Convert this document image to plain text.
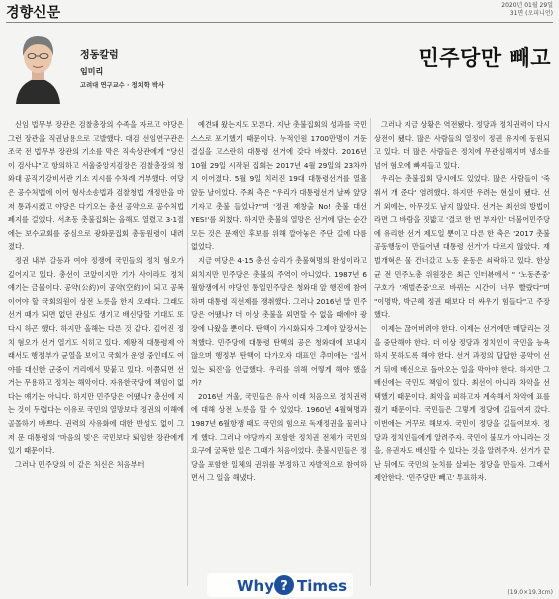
경향신문	2020년 01월 29일
31면 (오피니언)
정동칼럼
임미리
고려대 연구교수 · 정치학 박사
민주당만 빼고

신임 법무부 장관은 검찰총장의 수족을 자르고 야당은 그런 장관을 직권남용으로 고발했다. 대검 선임연구관은 조국 전 법무부 장관의 기소를 막은 직속상관에게 "당신이 검사냐"고 항의하고 서울중앙지검장은 검찰총장의 청와대 공직기강비서관 기소 지시를 수차례 거부했다. 여당은 공수처법에 이어 형사소송법과 검찰청법 개정안을 마저 통과시켰고 야당은 다기오는 총선 공약으로 공수처법 폐지를 걸었다. 서초동 촛불집회는 올해도 열렸고 3·1절에는 보수교회를 중심으로 광화문집회 총동원령이 내려졌다.

정권 내부 갈등과 여야 정쟁에 국민들의 정치 혐오가 깊어지고 있다. 총선이 코앞이지만 기가 사이라도 정치 얘기는 금물이다. 공약(公約)이 공약(空約)이 되고 공복이어야 할 국회의원이 상전 노릇을 한지 오래다. 그래도 선거 때가 되면 없던 관심도 생기고 배신당할 기대도 또다시 하곤 했다. 하지만 올해는 다른 것 같다. 깊어진 정치 혐오가 선거 열기도 식히고 있다. 제왕적 대통령제 아래서도 행정부가 균열을 보이고 국회가 운영 중인데도 여야를 대신한 군중이 거리에서 맞붙고 있다. 이쯤되면 선거는 무용하고 정치는 해악이다. 자유한국당에 책임이 없다는 얘기는 아니다. 하지만 민주당은 어땠나? 총선에 지는 것이 두렵다는 이유로 국민의 열망보다 정권의 이해에 골몰하기 바쁘다. 권력의 사유화에 대한 반성도 없이 그저 문 대통령의 '마음의 빚'은 국민보다 퇴임한 장관에게 있기 때문이다.

그러나 민주당의 이 같은 처신은 처음부터

예견돼 왔는지도 모른다. 지난 촛불집회의 성과를 국민 스스로 포기했기 때문이다. 누적인원 1700만명이 거둔 결실을 고스란히 대통령 선거에 갖다 바쳤다. 2016년 10월 29일 시작된 집회는 2017년 4월 29일의 23차까지 이어졌다. 5월 9일 치러진 19대 대통령선거를 열흘 앞둔 날이었다. 주최 측은 "우리가 대통령선거 날짜 앞당기자고 촛불 들었나?"며 '정권 재창출 No! 촛불 대선 YES!'를 외쳤다. 하지만 촛불의 열망은 선거에 담는 순간 모든 것은 문재인 후보를 위해 깔아놓은 주단 길에 다름없었다.

지금 여당은 4·15 총선 승리가 촛불혁명의 완성이라고 외치지만 민주당은 촛불의 주역이 아니었다. 1987년 6월항쟁에서 야당인 통일민주당은 청와대 앞 행진에 참여하며 대통령 직선제를 쟁취했다. 그러나 2016년 말 민주당은 어땠나? 더 이상 촛불을 외면할 수 없을 때에야 광장에 나왔을 뿐이다. 탄핵이 가시화되자 그제야 앞장서는 척했다. 민주당에 대통령 탄핵의 공은 청와대에 보내지 않으며 행정부 탄핵이 다가오자 대표인 추미애는 '질서 있는 퇴진'을 언급했다. 우리를 위해 어떻게 해야 했을까?

2016년 겨울, 국민들은 유사 이래 처음으로 정치권력에 대해 상전 노릇을 할 수 있었다. 1960년 4월혁명과 1987년 6월항쟁 때도 국민의 힘으로 독재정권을 물러나게 했다. 그러나 야당까지 포함한 정치권 전체가 국민의 요구에 굴복한 일은 그때가 처음이었다. 촛불시민들은 정당을 포함한 일체의 권위를 부정하고 자발적으로 참여하면서 그 일을 해냈다.

그러나 지금 상황은 역전됐다. 정당과 정치권력이 다시 상전이 됐다. 많은 사람들의 열정이 정권 유지에 동원되고 있다. 더 많은 사람들은 정치에 무관심해지며 냉소를 넘어 혐오에 빠져들고 있다.

우리는 촛불집회 당시에도 있었다. 많은 사람들이 '죽 쒀서 개 준다' 염려했다. 하지만 우려는 현실이 됐다. 선거 외에는, 아무것도 남지 않았다. 선거는 최선의 방법이라면 그 바람을 짓밟고 '결코 한 번 부자인' 더불어민주당에 유리한 선거 제도일 뿐이고 다른 한 축은 '2017 촛불공동행동이 만들어낸 대통령 선거'가 다르지 않았다. 재벌개혁은 물 건너갔고 노동 운동은 쇠락하고 있다. 한상균 전 민주노총 위원장은 최근 인터뷰에서 " '노동존중' 구호가 '재벌존중'으로 바뀌는 시간이 너무 빨랐다"며 "이명박, 박근혜 정권 때보다 더 싸우기 힘들다"고 주장했다.

이제는 끊어버려야 한다. 이제는 선거에만 매달리는 것을 중단해야 한다. 더 이상 정당과 정치인이 국민을 능욕하지 못하도록 해야 한다. 선거 과정의 답답한 공약이 선거 뒤에 배신으로 돌아오는 일을 막아야 한다. 하지만 그 배신에는 국민도 책임이 있다. 최선이 아니라 차악을 선택했기 때문이다. 최악을 피하고자 계속해서 차악에 표를 줬기 때문이다. 국민들은 그렇게 정당에 길들여져 갔다. 이번에는 거꾸로 해보자. 국민이 정당을 길들여보자. 정당과 정치인들에게 알려주자. 국민이 불모가 아니라는 것을, 유권자도 배신할 수 있다는 것을 알려주자. 선거가 끝난 뒤에도 국민의 눈치를 살피는 정당을 만들자. 그래서 제안한다. '민주당만 빼고' 투표하자.

Why ? Times	(19.0×19.3cm)
